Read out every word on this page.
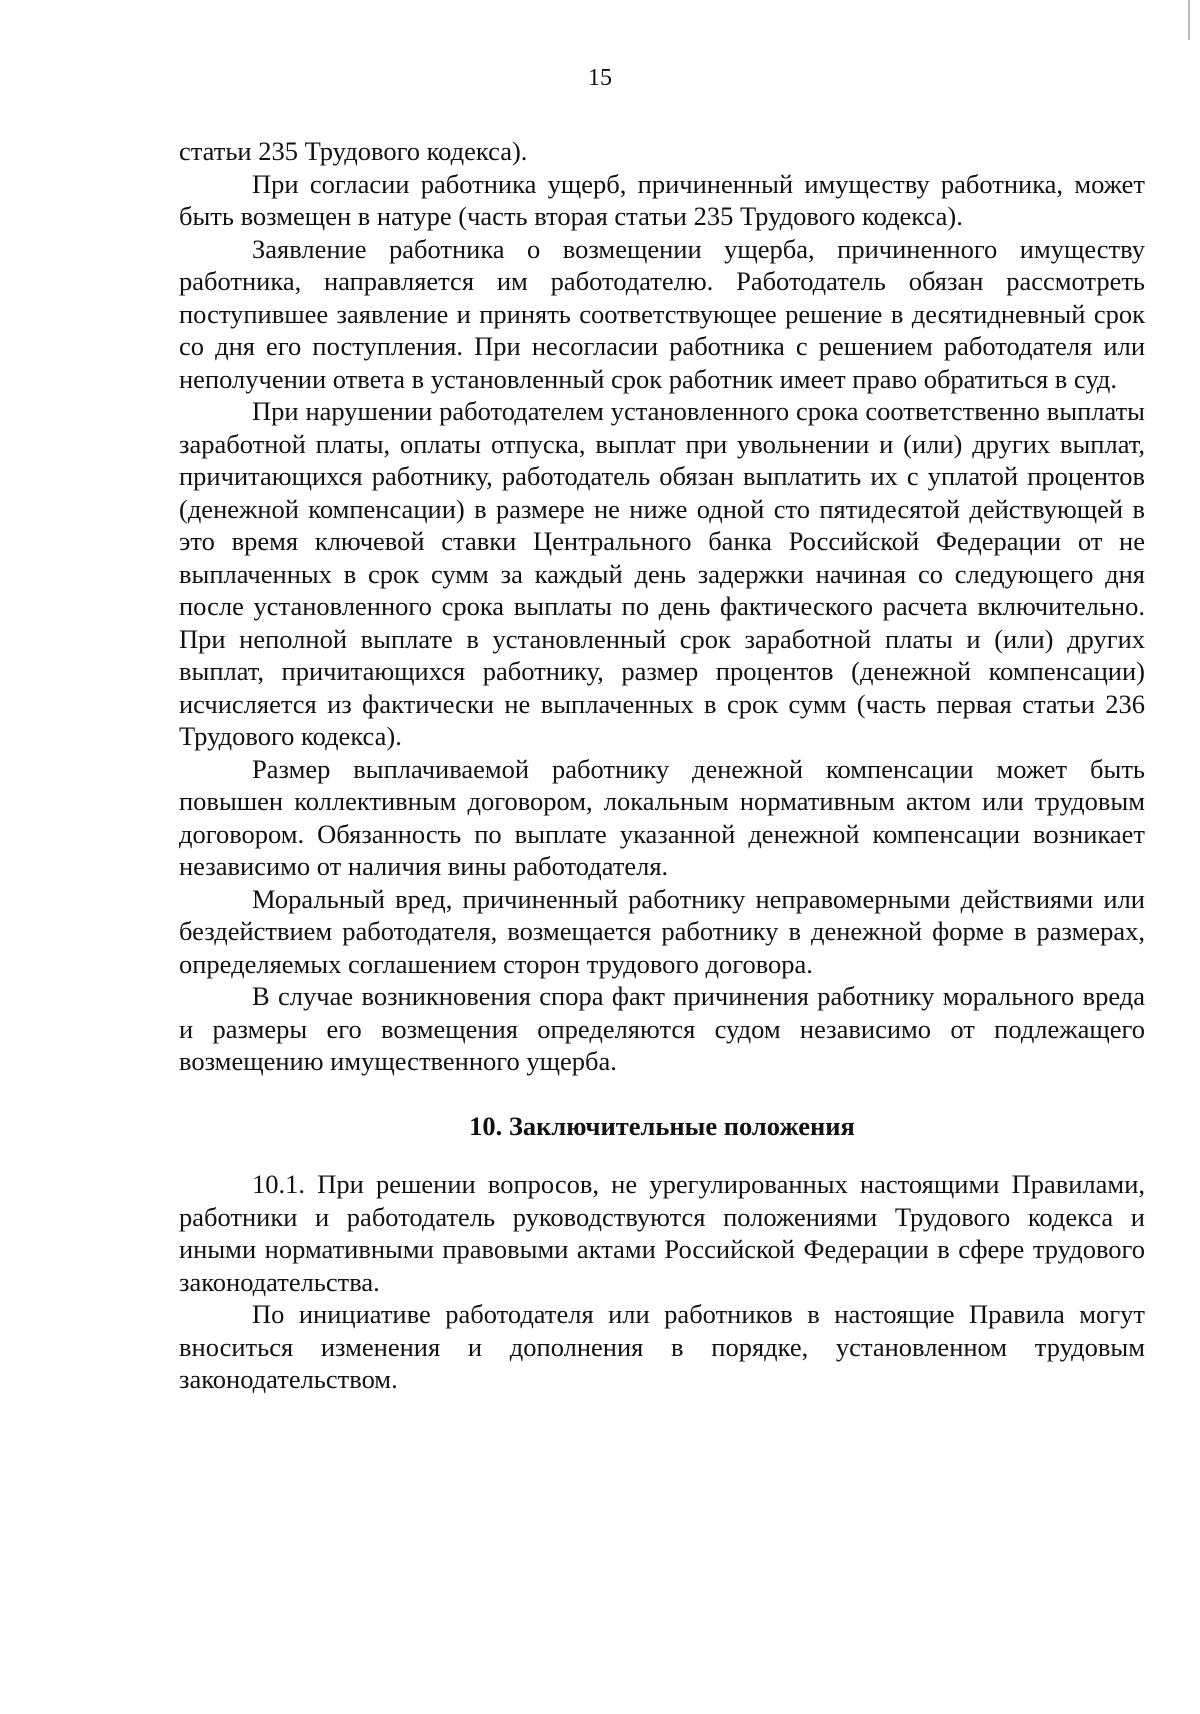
15

статьи 235 Трудового кодекса).

При согласии работника ущерб, причиненный имуществу работника, может быть возмещен в натуре (часть вторая статьи 235 Трудового кодекса).

Заявление работника о возмещении ущерба, причиненного имуществу работника, направляется им работодателю. Работодатель обязан рассмотреть поступившее заявление и принять соответствующее решение в десятидневный срок со дня его поступления. При несогласии работника с решением работодателя или неполучении ответа в установленный срок работник имеет право обратиться в суд.

При нарушении работодателем установленного срока соответственно выплаты заработной платы, оплаты отпуска, выплат при увольнении и (или) других выплат, причитающихся работнику, работодатель обязан выплатить их с уплатой процентов (денежной компенсации) в размере не ниже одной сто пятидесятой действующей в это время ключевой ставки Центрального банка Российской Федерации от не выплаченных в срок сумм за каждый день задержки начиная со следующего дня после установленного срока выплаты по день фактического расчета включительно. При неполной выплате в установленный срок заработной платы и (или) других выплат, причитающихся работнику, размер процентов (денежной компенсации) исчисляется из фактически не выплаченных в срок сумм (часть первая статьи 236 Трудового кодекса).

Размер выплачиваемой работнику денежной компенсации может быть повышен коллективным договором, локальным нормативным актом или трудовым договором. Обязанность по выплате указанной денежной компенсации возникает независимо от наличия вины работодателя.

Моральный вред, причиненный работнику неправомерными действиями или бездействием работодателя, возмещается работнику в денежной форме в размерах, определяемых соглашением сторон трудового договора.

В случае возникновения спора факт причинения работнику морального вреда и размеры его возмещения определяются судом независимо от подлежащего возмещению имущественного ущерба.

10. Заключительные положения

10.1. При решении вопросов, не урегулированных настоящими Правилами, работники и работодатель руководствуются положениями Трудового кодекса и иными нормативными правовыми актами Российской Федерации в сфере трудового законодательства.

По инициативе работодателя или работников в настоящие Правила могут вноситься изменения и дополнения в порядке, установленном трудовым законодательством.
